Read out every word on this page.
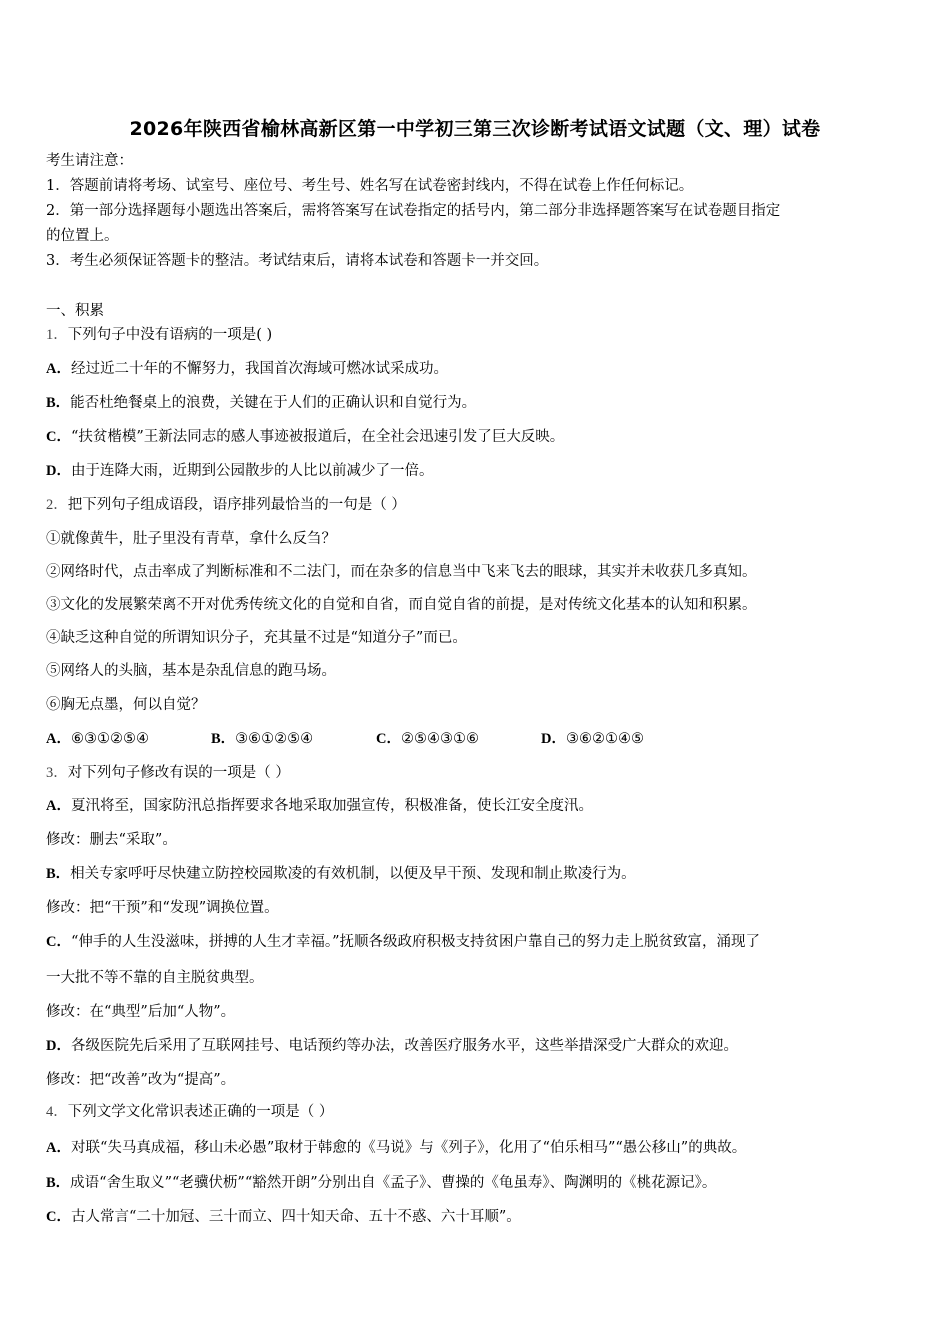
2026年陕西省榆林高新区第一中学初三第三次诊断考试语文试题（文、理）试卷
考生请注意：
1．答题前请将考场、试室号、座位号、考生号、姓名写在试卷密封线内，不得在试卷上作任何标记。
2．第一部分选择题每小题选出答案后，需将答案写在试卷指定的括号内，第二部分非选择题答案写在试卷题目指定
的位置上。
3．考生必须保证答题卡的整洁。考试结束后，请将本试卷和答题卡一并交回。
一、积累
1．下列句子中没有语病的一项是( )
A．经过近二十年的不懈努力，我国首次海域可燃冰试采成功。
B．能否杜绝餐桌上的浪费，关键在于人们的正确认识和自觉行为。
C．“扶贫楷模”王新法同志的感人事迹被报道后，在全社会迅速引发了巨大反映。
D．由于连降大雨，近期到公园散步的人比以前减少了一倍。
2．把下列句子组成语段，语序排列最恰当的一句是（ ）
①就像黄牛，肚子里没有青草，拿什么反刍？
②网络时代，点击率成了判断标准和不二法门，而在杂多的信息当中飞来飞去的眼球，其实并未收获几多真知。
③文化的发展繁荣离不开对优秀传统文化的自觉和自省，而自觉自省的前提，是对传统文化基本的认知和积累。
④缺乏这种自觉的所谓知识分子，充其量不过是“知道分子”而已。
⑤网络人的头脑，基本是杂乱信息的跑马场。
⑥胸无点墨，何以自觉？
A．⑥③①②⑤④	B．③⑥①②⑤④	C．②⑤④③①⑥	D．③⑥②①④⑤
3．对下列句子修改有误的一项是（ ）
A．夏汛将至，国家防汛总指挥要求各地采取加强宣传，积极准备，使长江安全度汛。
修改：删去“采取”。
B．相关专家呼吁尽快建立防控校园欺凌的有效机制，以便及早干预、发现和制止欺凌行为。
修改：把“干预”和“发现”调换位置。
C．“伸手的人生没滋味，拼搏的人生才幸福。”抚顺各级政府积极支持贫困户靠自己的努力走上脱贫致富，涌现了
一大批不等不靠的自主脱贫典型。
修改：在“典型”后加“人物”。
D．各级医院先后采用了互联网挂号、电话预约等办法，改善医疗服务水平，这些举措深受广大群众的欢迎。
修改：把“改善”改为“提高”。
4．下列文学文化常识表述正确的一项是（ ）
A．对联“失马真成福，移山未必愚”取材于韩愈的《马说》与《列子》，化用了“伯乐相马”“愚公移山”的典故。
B．成语“舍生取义”“老骥伏枥”“豁然开朗”分别出自《孟子》、曹操的《龟虽寿》、陶渊明的《桃花源记》。
C．古人常言“二十加冠、三十而立、四十知天命、五十不惑、六十耳顺”。
